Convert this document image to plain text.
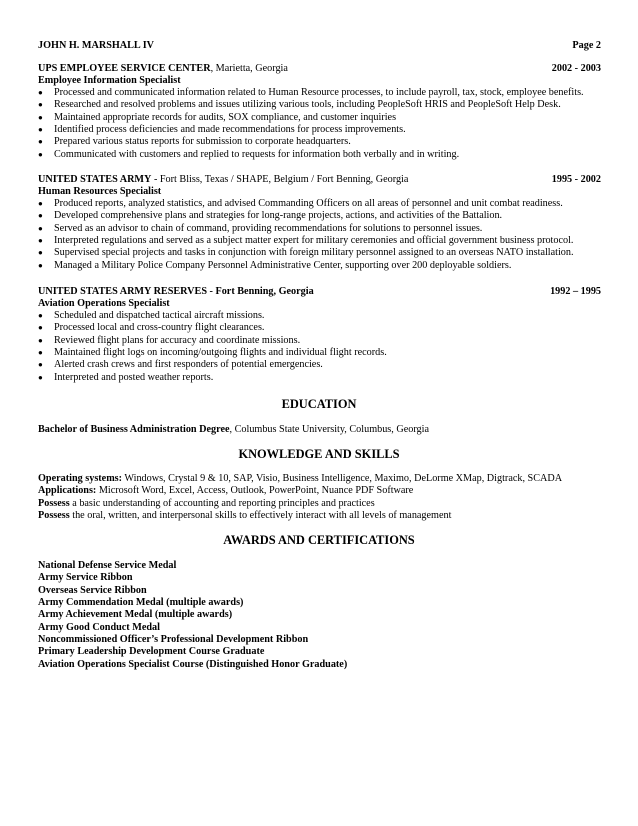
JOHN H. MARSHALL IV	Page 2
UPS EMPLOYEE SERVICE CENTER, Marietta, Georgia	2002 - 2003
Employee Information Specialist
● Processed and communicated information related to Human Resource processes, to include payroll, tax, stock, employee benefits.
● Researched and resolved problems and issues utilizing various tools, including PeopleSoft HRIS and PeopleSoft Help Desk.
● Maintained appropriate records for audits, SOX compliance, and customer inquiries
● Identified process deficiencies and made recommendations for process improvements.
● Prepared various status reports for submission to corporate headquarters.
● Communicated with customers and replied to requests for information both verbally and in writing.
UNITED STATES ARMY - Fort Bliss, Texas / SHAPE, Belgium / Fort Benning, Georgia	1995 - 2002
Human Resources Specialist
● Produced reports, analyzed statistics, and advised Commanding Officers on all areas of personnel and unit combat readiness.
● Developed comprehensive plans and strategies for long-range projects, actions, and activities of the Battalion.
● Served as an advisor to chain of command, providing recommendations for solutions to personnel issues.
● Interpreted regulations and served as a subject matter expert for military ceremonies and official government business protocol.
● Supervised special projects and tasks in conjunction with foreign military personnel assigned to an overseas NATO installation.
● Managed a Military Police Company Personnel Administrative Center, supporting over 200 deployable soldiers.
UNITED STATES ARMY RESERVES - Fort Benning, Georgia	1992 – 1995
Aviation Operations Specialist
● Scheduled and dispatched tactical aircraft missions.
● Processed local and cross-country flight clearances.
● Reviewed flight plans for accuracy and coordinate missions.
● Maintained flight logs on incoming/outgoing flights and individual flight records.
● Alerted crash crews and first responders of potential emergencies.
● Interpreted and posted weather reports.
EDUCATION
Bachelor of Business Administration Degree, Columbus State University, Columbus, Georgia
KNOWLEDGE AND SKILLS
Operating systems: Windows, Crystal 9 & 10, SAP, Visio, Business Intelligence, Maximo, DeLorme XMap, Digtrack, SCADA
Applications: Microsoft Word, Excel, Access, Outlook, PowerPoint, Nuance PDF Software
Possess a basic understanding of accounting and reporting principles and practices
Possess the oral, written, and interpersonal skills to effectively interact with all levels of management
AWARDS AND CERTIFICATIONS
National Defense Service Medal
Army Service Ribbon
Overseas Service Ribbon
Army Commendation Medal (multiple awards)
Army Achievement Medal (multiple awards)
Army Good Conduct Medal
Noncommissioned Officer’s Professional Development Ribbon
Primary Leadership Development Course Graduate
Aviation Operations Specialist Course (Distinguished Honor Graduate)
